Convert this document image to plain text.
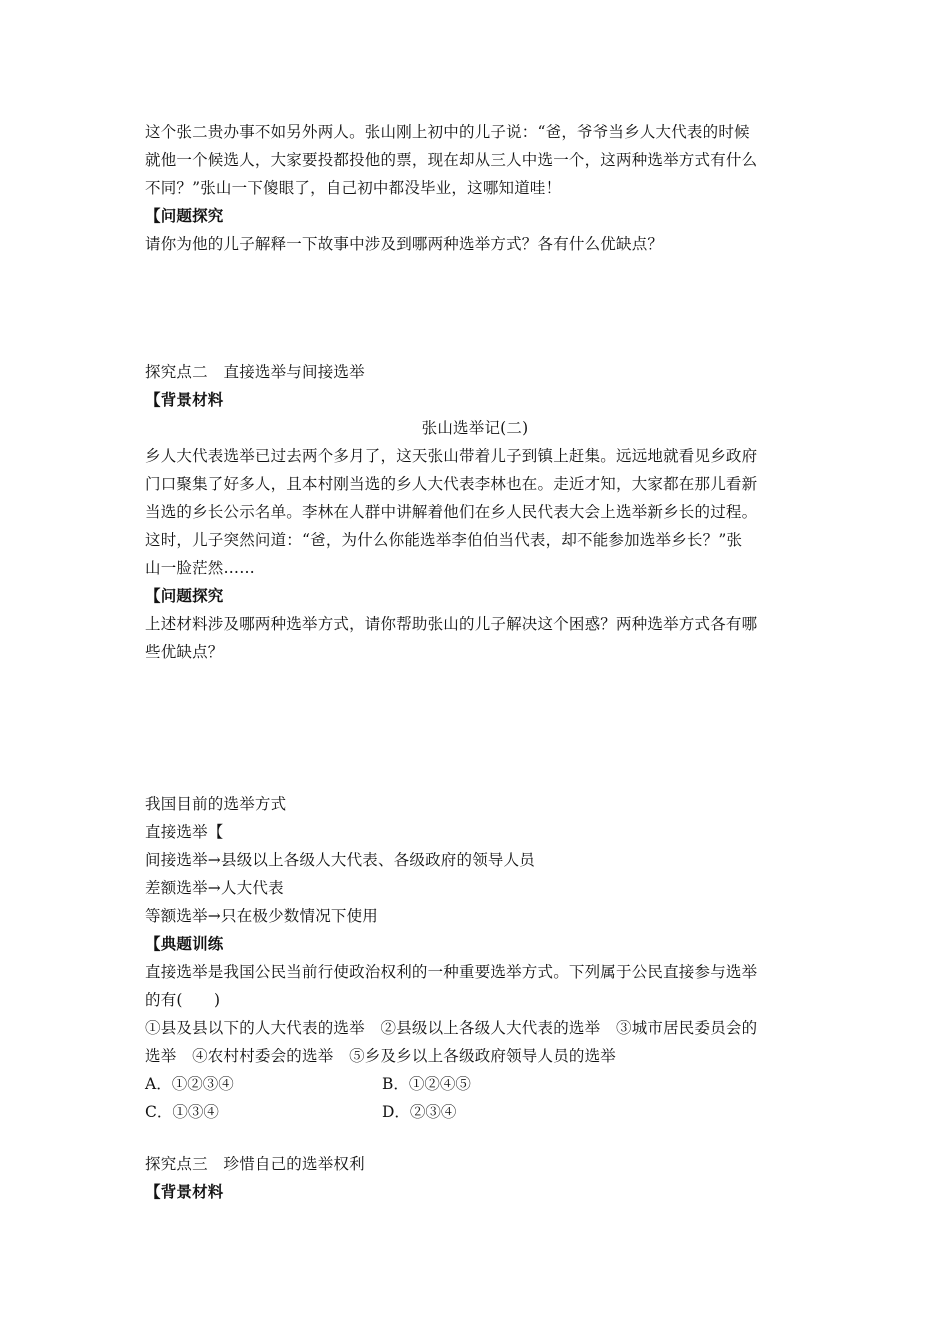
这个张二贵办事不如另外两人。张山刚上初中的儿子说：“爸，爷爷当乡人大代表的时候
就他一个候选人，大家要投都投他的票，现在却从三人中选一个，这两种选举方式有什么
不同？”张山一下傻眼了，自己初中都没毕业，这哪知道哇！
【问题探究
请你为他的儿子解释一下故事中涉及到哪两种选举方式？各有什么优缺点？
探究点二　直接选举与间接选举
【背景材料
张山选举记(二)
乡人大代表选举已过去两个多月了，这天张山带着儿子到镇上赶集。远远地就看见乡政府
门口聚集了好多人，且本村刚当选的乡人大代表李林也在。走近才知，大家都在那儿看新
当选的乡长公示名单。李林在人群中讲解着他们在乡人民代表大会上选举新乡长的过程。
这时，儿子突然问道：“爸，为什么你能选举李伯伯当代表，却不能参加选举乡长？”张
山一脸茫然……
【问题探究
上述材料涉及哪两种选举方式，请你帮助张山的儿子解决这个困惑？两种选举方式各有哪
些优缺点？
我国目前的选举方式
直接选举【
间接选举→县级以上各级人大代表、各级政府的领导人员
差额选举→人大代表
等额选举→只在极少数情况下使用
【典题训练
直接选举是我国公民当前行使政治权利的一种重要选举方式。下列属于公民直接参与选举
的有(　　)
①县及县以下的人大代表的选举　②县级以上各级人大代表的选举　③城市居民委员会的
选举　④农村村委会的选举　⑤乡及乡以上各级政府领导人员的选举
A．①②③④	B．①②④⑤
C．①③④	D．②③④
探究点三　珍惜自己的选举权利
【背景材料
